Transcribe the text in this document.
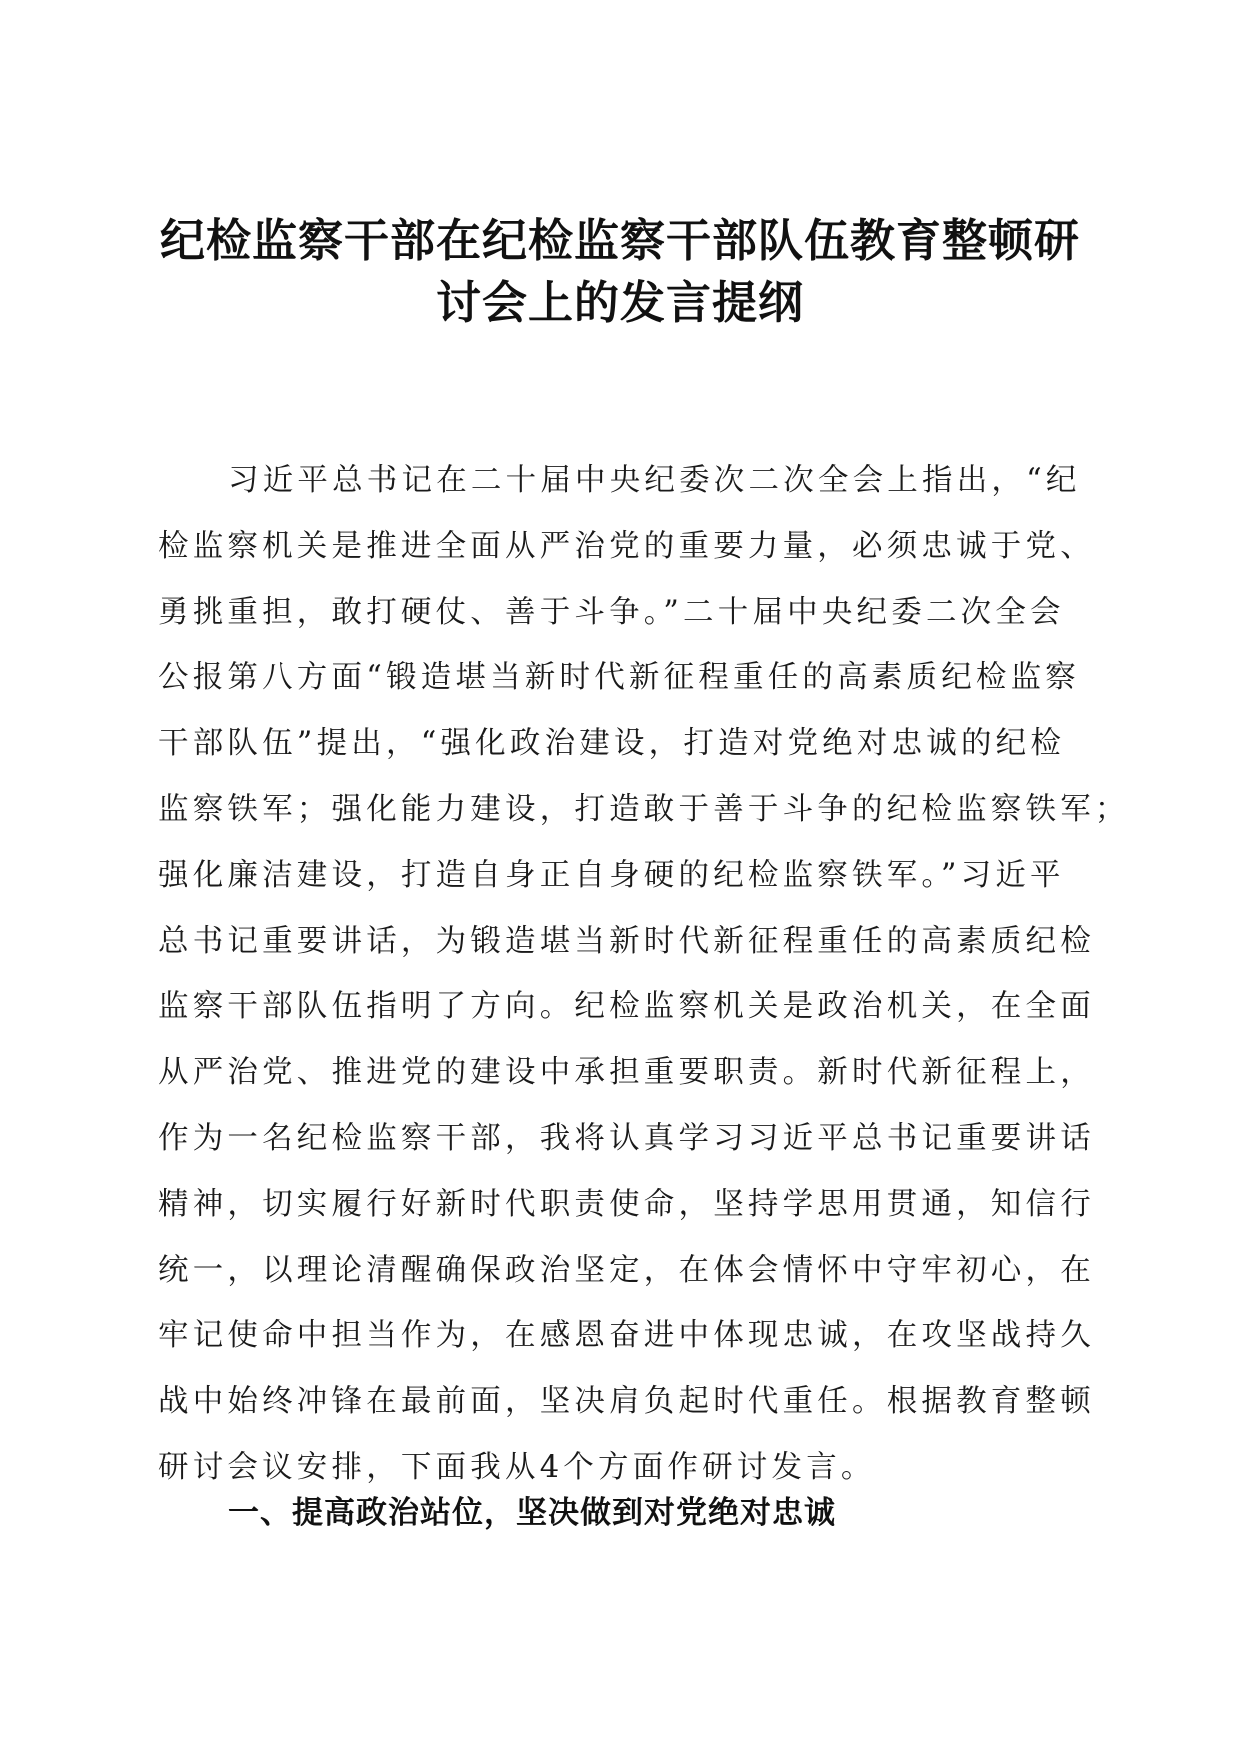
纪检监察干部在纪检监察干部队伍教育整顿研
讨会上的发言提纲

习近平总书记在二十届中央纪委次二次全会上指出，“纪
检监察机关是推进全面从严治党的重要力量，必须忠诚于党、
勇挑重担，敢打硬仗、善于斗争。”二十届中央纪委二次全会
公报第八方面“锻造堪当新时代新征程重任的高素质纪检监察
干部队伍”提出，“强化政治建设，打造对党绝对忠诚的纪检
监察铁军；强化能力建设，打造敢于善于斗争的纪检监察铁军；
强化廉洁建设，打造自身正自身硬的纪检监察铁军。”习近平
总书记重要讲话，为锻造堪当新时代新征程重任的高素质纪检
监察干部队伍指明了方向。纪检监察机关是政治机关，在全面
从严治党、推进党的建设中承担重要职责。新时代新征程上，
作为一名纪检监察干部，我将认真学习习近平总书记重要讲话
精神，切实履行好新时代职责使命，坚持学思用贯通，知信行
统一，以理论清醒确保政治坚定，在体会情怀中守牢初心，在
牢记使命中担当作为，在感恩奋进中体现忠诚，在攻坚战持久
战中始终冲锋在最前面，坚决肩负起时代重任。根据教育整顿
研讨会议安排，下面我从4个方面作研讨发言。

一、提高政治站位，坚决做到对党绝对忠诚
